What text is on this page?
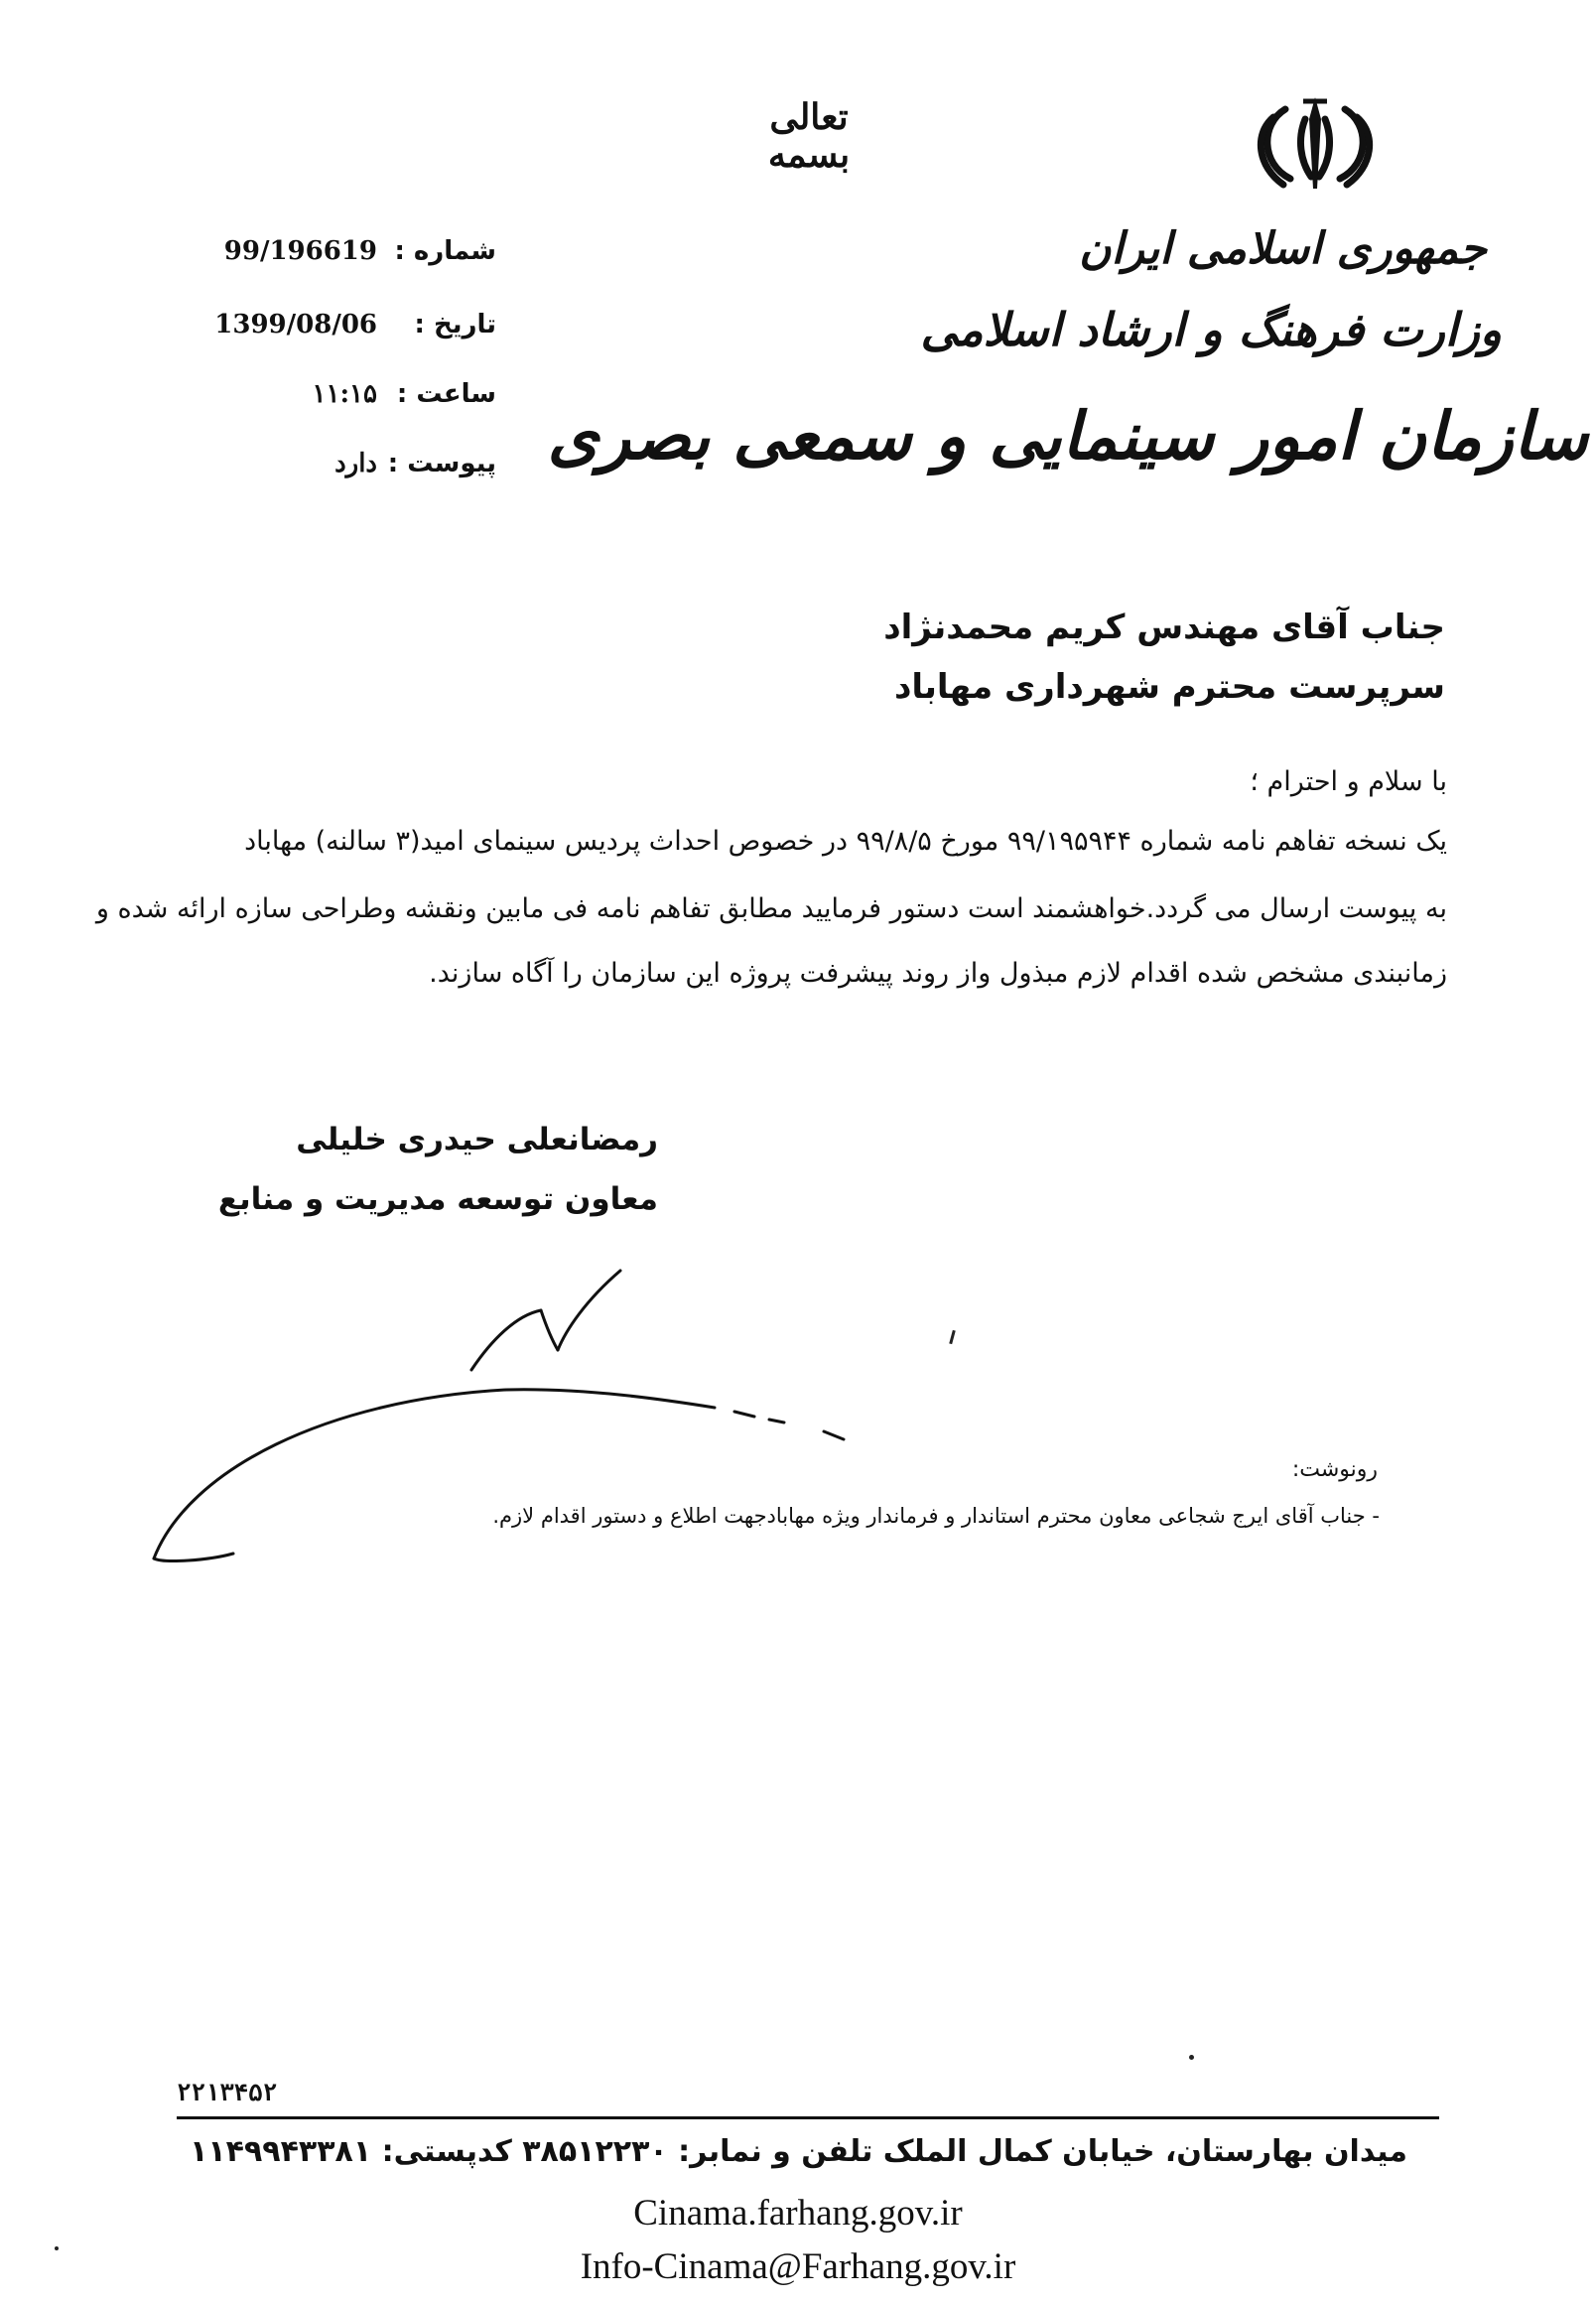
تعالی
بسمه
جمهوری اسلامی ایران
وزارت فرهنگ و ارشاد اسلامی
سازمان امور سینمایی و سمعی بصری
شماره :
99/196619
تاریخ :
1399/08/06
ساعت :
۱۱:۱۵
پیوست :
دارد
جناب آقای مهندس کریم محمدنژاد
سرپرست محترم شهرداری مهاباد
با سلام و احترام ؛
یک نسخه تفاهم نامه شماره ۹۹/۱۹۵۹۴۴ مورخ ۹۹/۸/۵ در خصوص احداث پردیس سینمای امید(۳ سالنه) مهاباد
به پیوست ارسال می گردد.خواهشمند است دستور فرمایید مطابق تفاهم نامه فی مابین ونقشه وطراحی سازه ارائه شده و
زمانبندی مشخص شده اقدام لازم مبذول واز روند پیشرفت پروژه این سازمان را آگاه سازند.
رمضانعلی حیدری خلیلی
معاون توسعه مدیریت و منابع
رونوشت:
- جناب آقای ایرج شجاعی معاون محترم استاندار و فرماندار ویژه مهابادجهت اطلاع و دستور اقدام لازم.
۲۲۱۳۴۵۲
میدان بهارستان، خیابان کمال الملک تلفن و نمابر: ۳۸۵۱۲۲۳۰ کدپستی: ۱۱۴۹۹۴۳۳۸۱
Cinama.farhang.gov.ir
Info-Cinama@Farhang.gov.ir
